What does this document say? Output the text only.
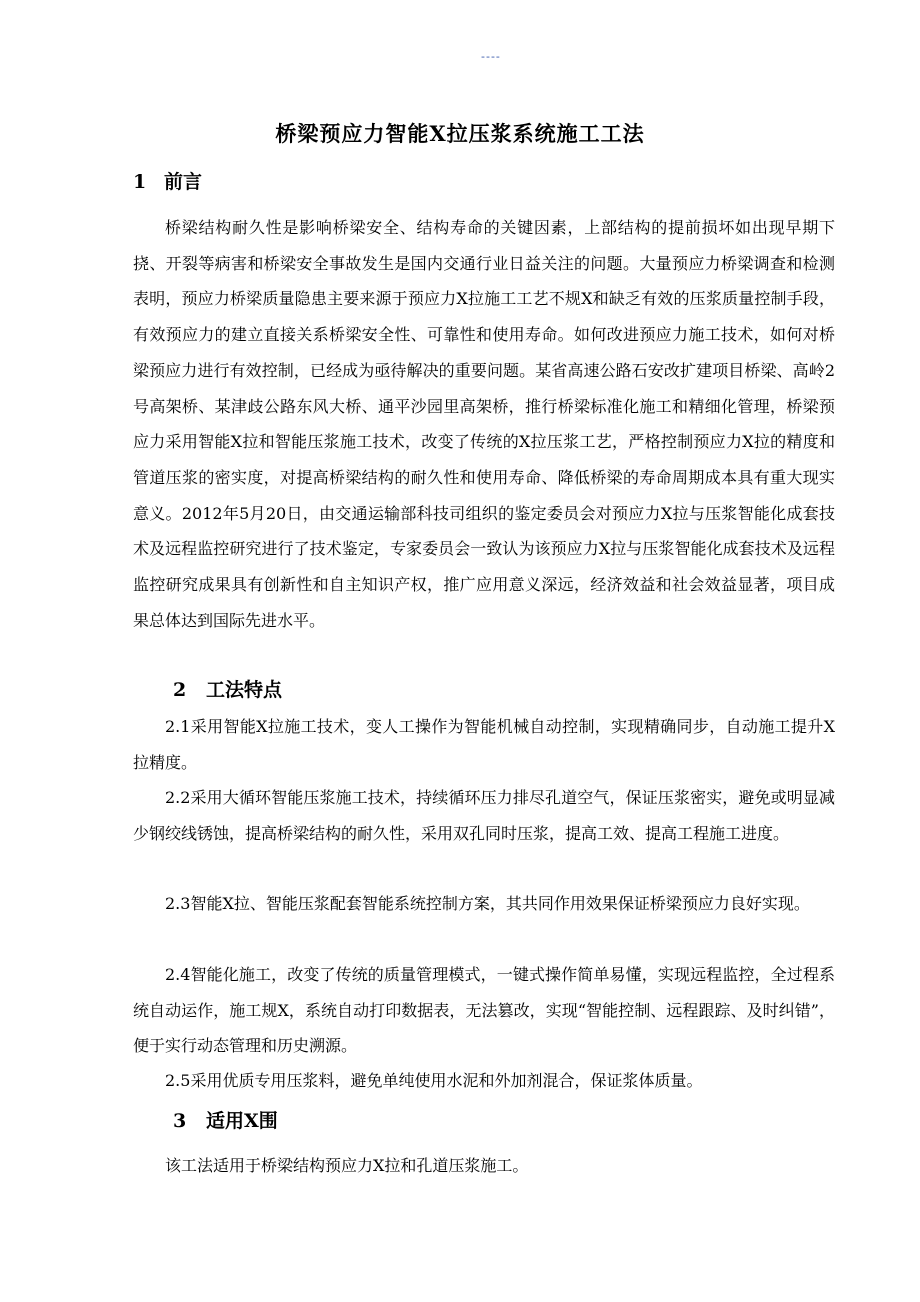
----
桥梁预应力智能X拉压浆系统施工工法
1 前言

桥梁结构耐久性是影响桥梁安全、结构寿命的关键因素，上部结构的提前损坏如出现早期下挠、开裂等病害和桥梁安全事故发生是国内交通行业日益关注的问题。大量预应力桥梁调查和检测表明，预应力桥梁质量隐患主要来源于预应力X拉施工工艺不规X和缺乏有效的压浆质量控制手段，有效预应力的建立直接关系桥梁安全性、可靠性和使用寿命。如何改进预应力施工技术，如何对桥梁预应力进行有效控制，已经成为亟待解决的重要问题。某省高速公路石安改扩建项目桥梁、高岭2号高架桥、某津歧公路东风大桥、通平沙园里高架桥，推行桥梁标准化施工和精细化管理，桥梁预应力采用智能X拉和智能压浆施工技术，改变了传统的X拉压浆工艺，严格控制预应力X拉的精度和管道压浆的密实度，对提高桥梁结构的耐久性和使用寿命、降低桥梁的寿命周期成本具有重大现实意义。2012年5月20日，由交通运输部科技司组织的鉴定委员会对预应力X拉与压浆智能化成套技术及远程监控研究进行了技术鉴定，专家委员会一致认为该预应力X拉与压浆智能化成套技术及远程监控研究成果具有创新性和自主知识产权，推广应用意义深远，经济效益和社会效益显著，项目成果总体达到国际先进水平。

2 工法特点

2.1采用智能X拉施工技术，变人工操作为智能机械自动控制，实现精确同步，自动施工提升X拉精度。

2.2采用大循环智能压浆施工技术，持续循环压力排尽孔道空气，保证压浆密实，避免或明显减少钢绞线锈蚀，提高桥梁结构的耐久性，采用双孔同时压浆，提高工效、提高工程施工进度。

2.3智能X拉、智能压浆配套智能系统控制方案，其共同作用效果保证桥梁预应力良好实现。

2.4智能化施工，改变了传统的质量管理模式，一键式操作简单易懂，实现远程监控，全过程系统自动运作，施工规X，系统自动打印数据表，无法篡改，实现“智能控制、远程跟踪、及时纠错”，便于实行动态管理和历史溯源。

2.5采用优质专用压浆料，避免单纯使用水泥和外加剂混合，保证浆体质量。

3 适用X围

该工法适用于桥梁结构预应力X拉和孔道压浆施工。
